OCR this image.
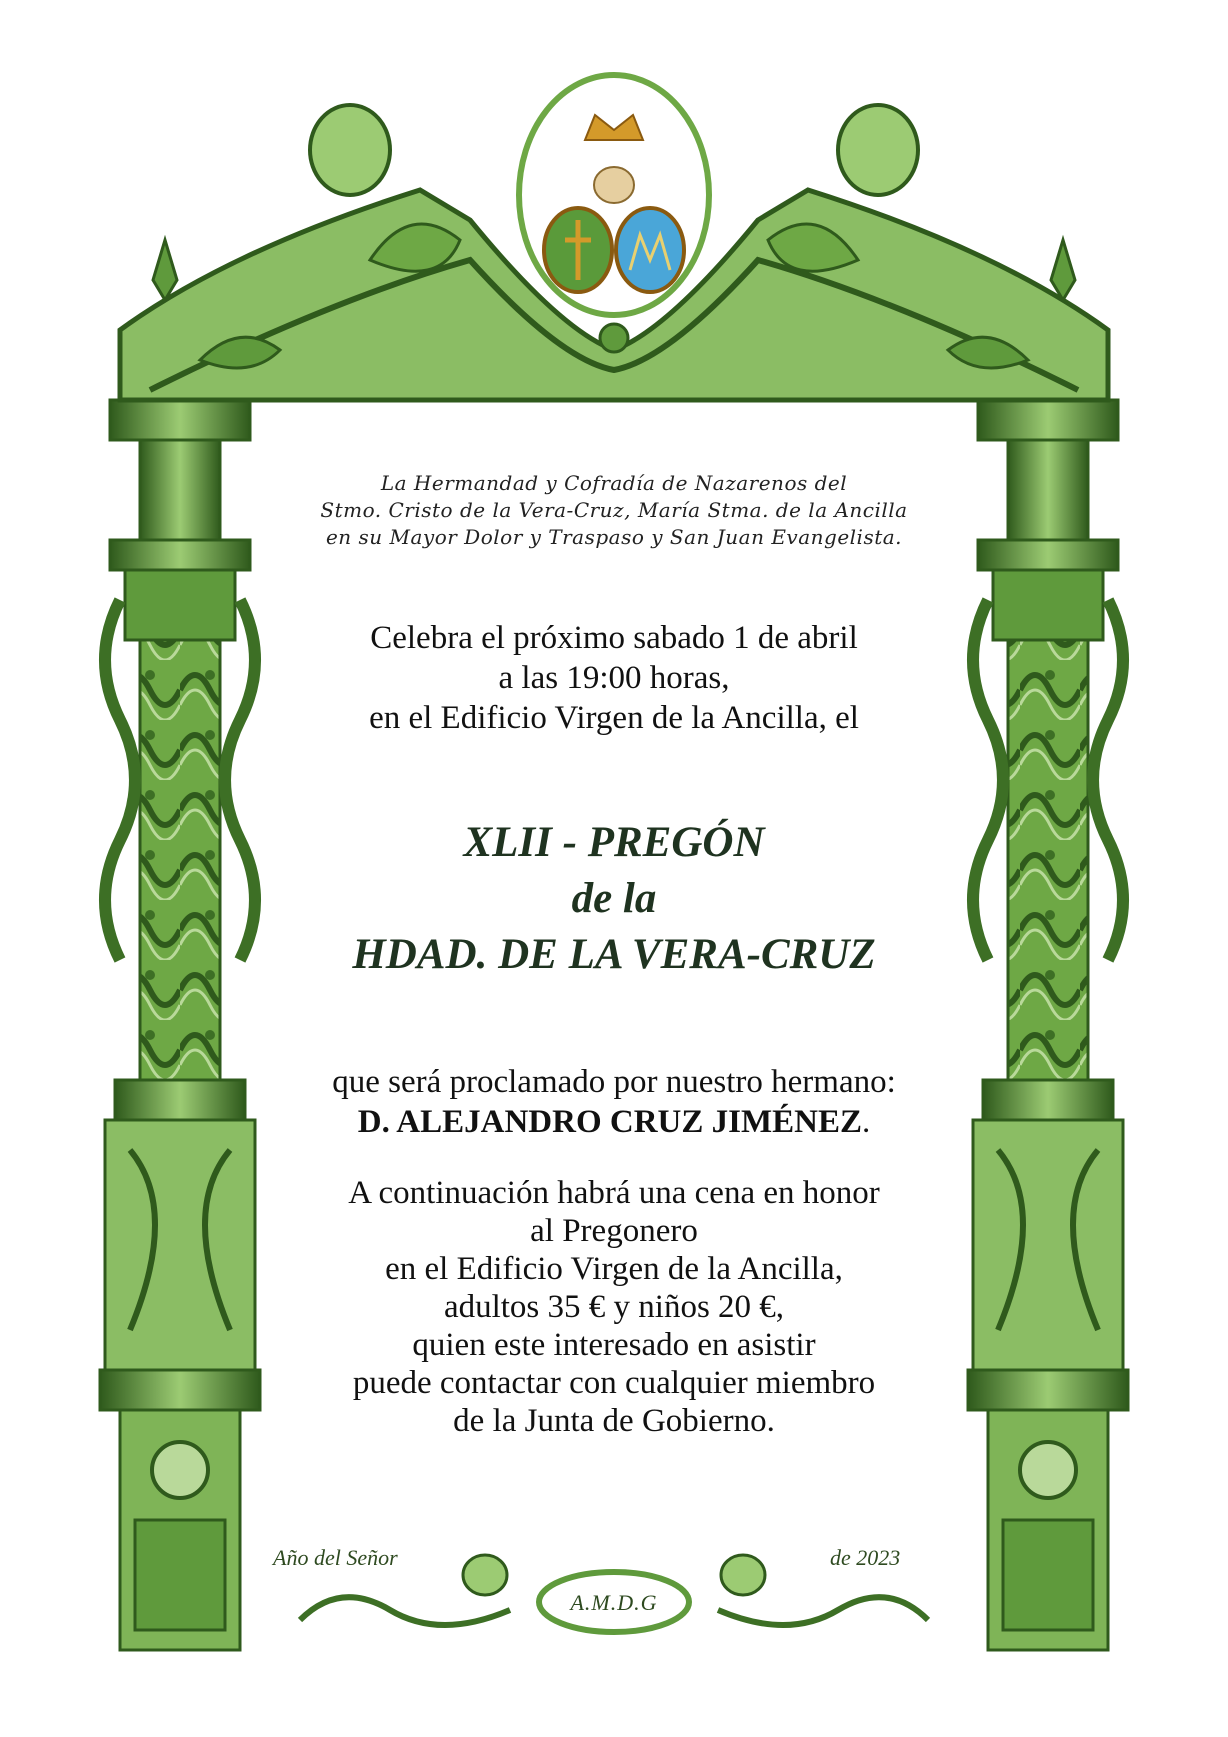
La Hermandad y Cofradía de Nazarenos del
Stmo. Cristo de la Vera-Cruz, María Stma. de la Ancilla
en su Mayor Dolor y Traspaso y San Juan Evangelista.
Celebra el próximo sabado 1 de abril
a las 19:00 horas,
en el Edificio Virgen de la Ancilla, el
XLII - PREGÓN
de la
HDAD. DE LA VERA-CRUZ
que será proclamado por nuestro hermano:
D. ALEJANDRO CRUZ JIMÉNEZ.
A continuación habrá una cena en honor
al Pregonero
en el Edificio Virgen de la Ancilla,
adultos 35 € y niños 20 €,
quien este interesado en asistir
puede contactar con cualquier miembro
de la Junta de Gobierno.
Año del Señor	de 2023
A.M.D.G
